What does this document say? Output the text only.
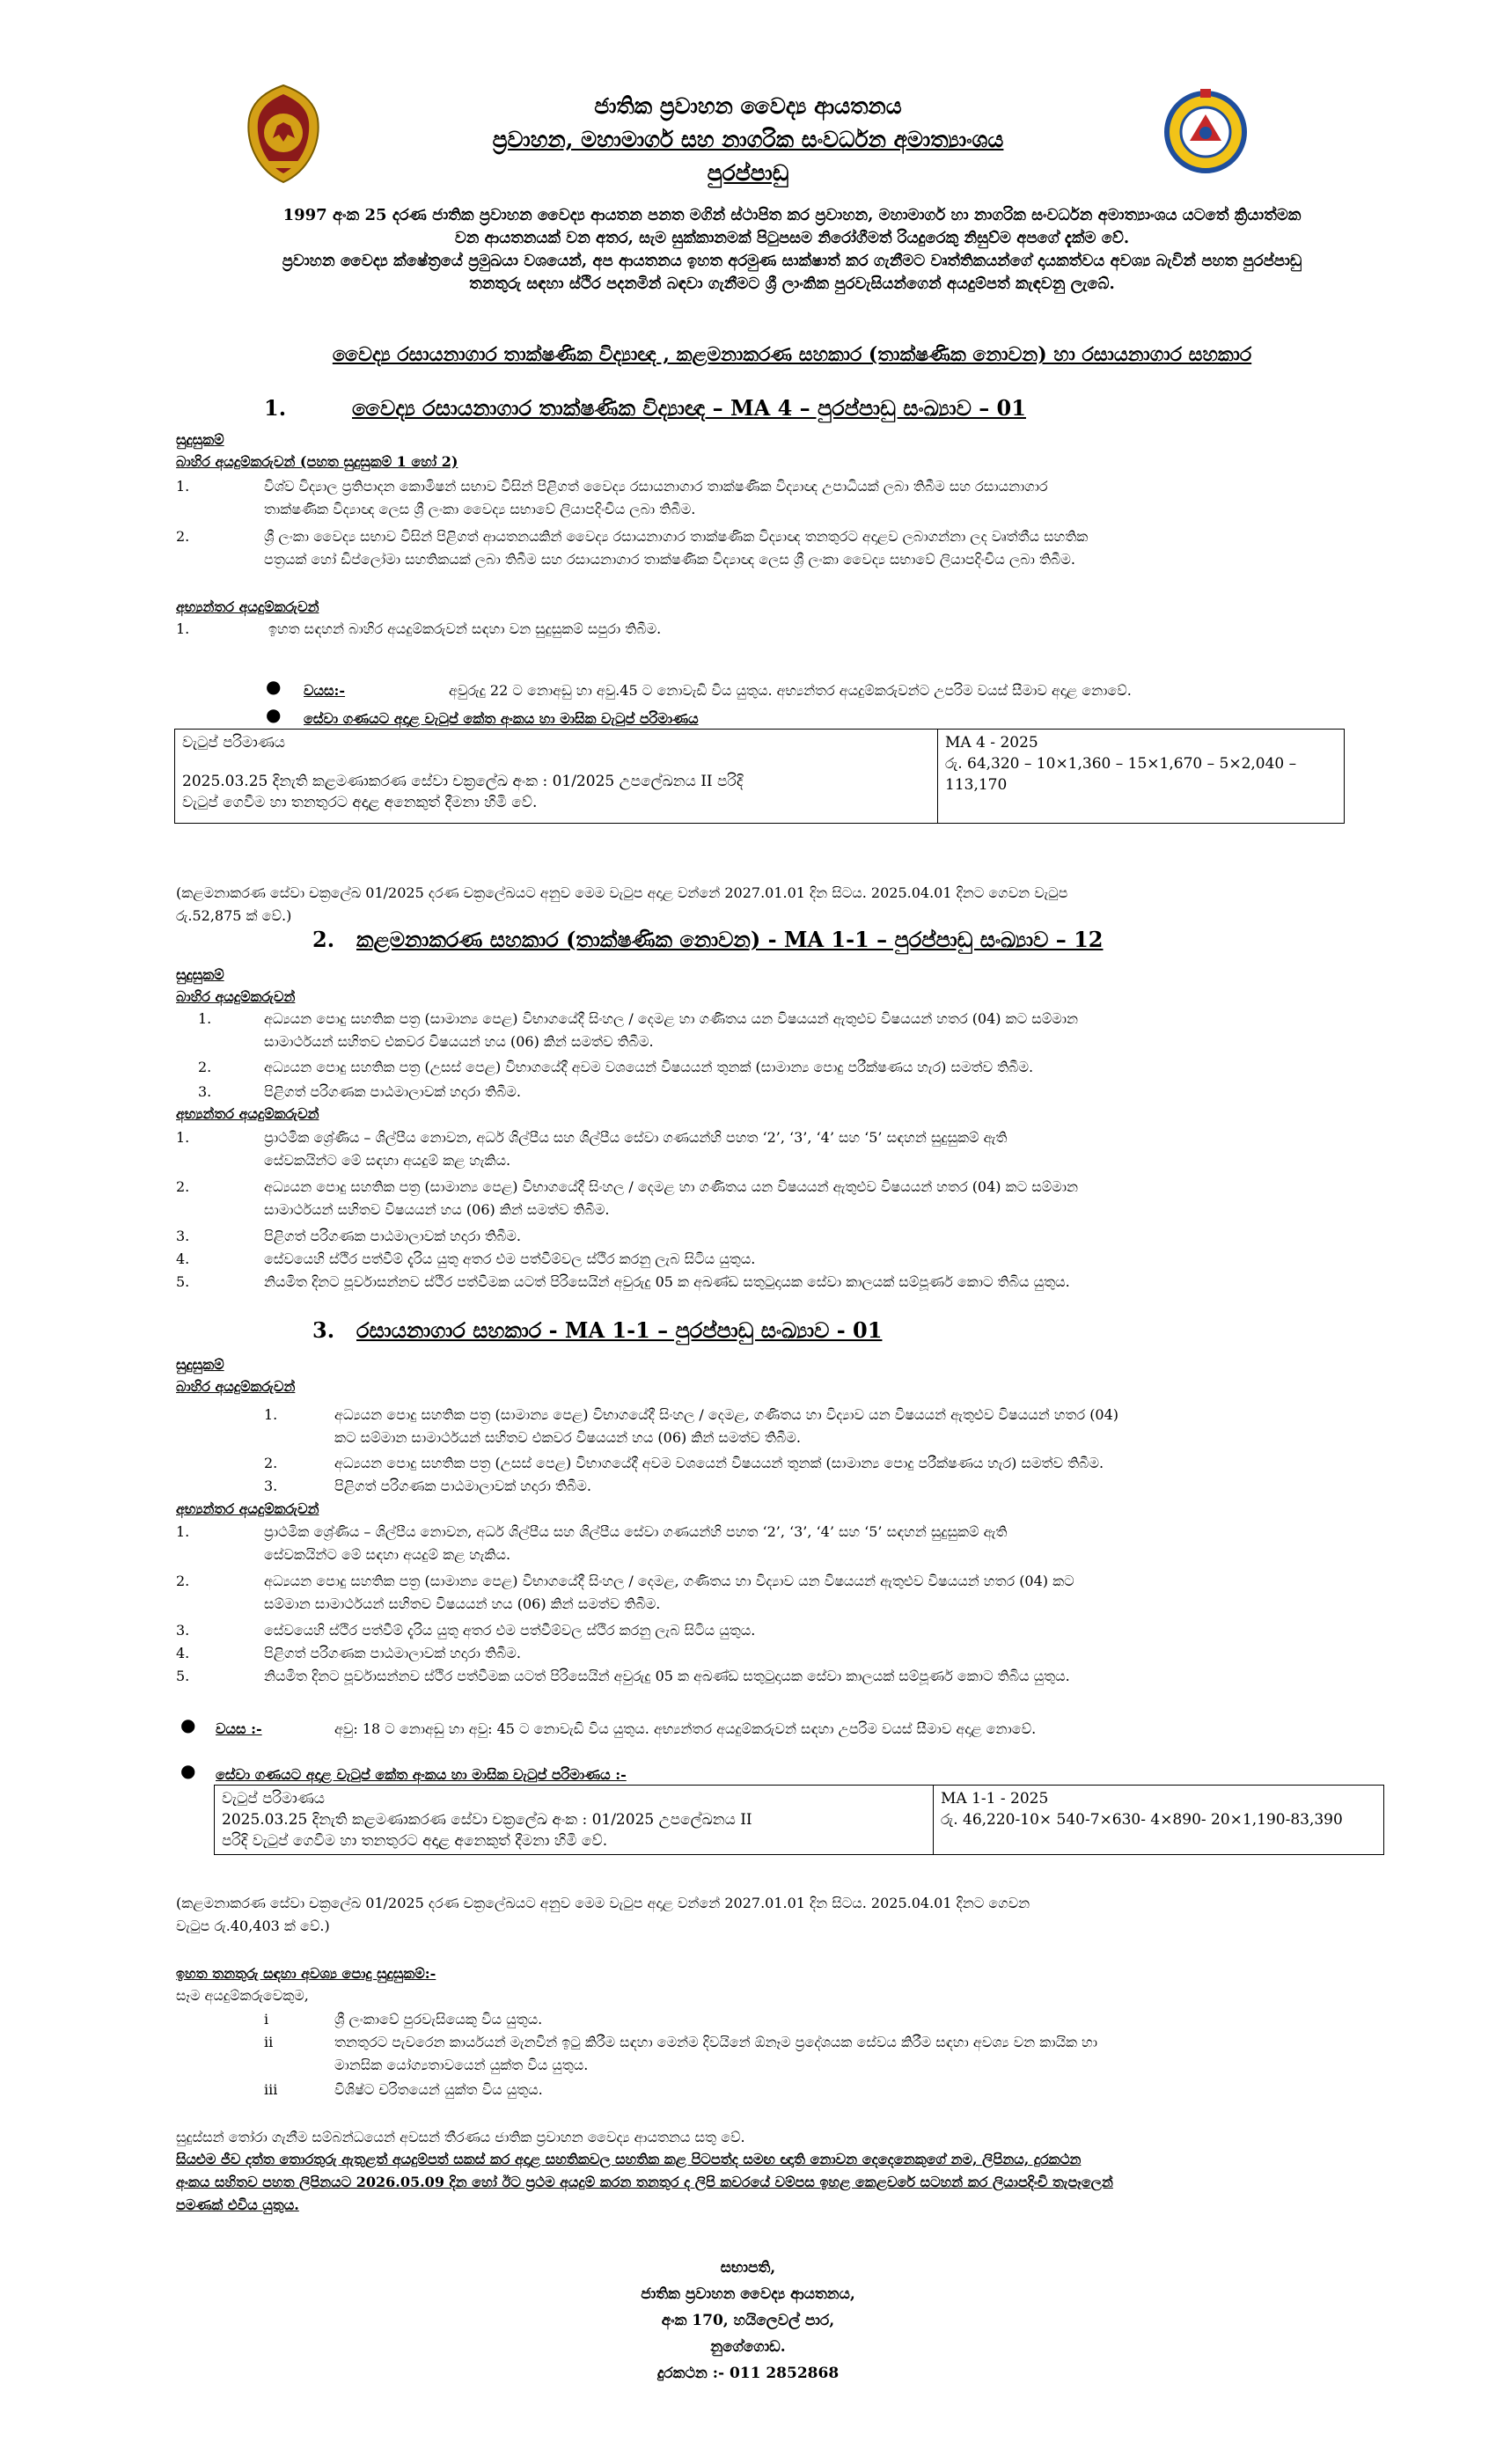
ජාතික ප්‍රවාහන වෛද්‍ය ආයතනය
ප්‍රවාහන, මහාමාර්ග සහ නාගරික සංවර්ධන අමාත්‍යාංශය
පුරප්පාඩු
1997 අංක 25 දරණ ජාතික ප්‍රවාහන වෛද්‍ය ආයතන පනත මගින් ස්ථාපිත කර ප්‍රවාහන, මහාමාර්ග හා නාගරික සංවර්ධන අමාත්‍යාංශය යටතේ ක්‍රියාත්මක
වන ආයතනයක් වන අතර, සැම සුක්කානමක් පිටුපසම නිරෝගීමත් රියදුරෙකු නිසුව්‍ම අපගේ දැක්ම වේ.
ප්‍රවාහන වෛද්‍ය ක්ෂේත්‍රයේ ප්‍රමුඛයා වශයෙන්, අප ආයතනය ඉහත අරමුණ සාක්ෂාත් කර ගැනීමට වෘත්තිකයන්ගේ දායකත්වය අවශ්‍ය බැවින් පහත පුරප්පාඩු
තනතුරු සඳහා ස්ථිර පදනමින් බඳවා ගැනීමට ශ්‍රී ලාංකික පුරවැසියන්ගෙන් අයදුම්පත් කැඳවනු ලැබේ.
වෛද්‍ය රසායනාගාර තාක්ෂණික විද්‍යාඥ , කළමනාකරණ සහකාර (තාක්ෂණික නොවන) හා රසායනාගාර සහකාර
1.	වෛද්‍ය රසායනාගාර තාක්ෂණික විද්‍යාඥ – MA 4 – පුරප්පාඩු සංඛ්‍යාව – 01
සුදුසුකම්
බාහිර අයදුම්කරුවන් (පහත සුදුසුකම් 1 හෝ 2)
1.	විශ්ව විද්‍යාල ප්‍රතිපාදන කොමිෂන් සභාව විසින් පිළිගත් වෛද්‍ය රසායනාගාර තාක්ෂණික විද්‍යාඥ උපාධියක් ලබා තිබීම සහ රසායනාගාර
තාක්ෂණික විද්‍යාඥ ලෙස ශ්‍රී ලංකා වෛද්‍ය සභාවේ ලියාපදිංචිය ලබා තිබීම.
2.	ශ්‍රී ලංකා වෛද්‍ය සභාව විසින් පිළිගත් ආයතනයකින් වෛද්‍ය රසායනාගාර තාක්ෂණික විද්‍යාඥ තනතුරට අදාළව ලබාගන්නා ලද වෘත්තීය සහතික
පත්‍රයක් හෝ ඩිප්ලෝමා සහතිකයක් ලබා තිබීම සහ රසායනාගාර තාක්ෂණික විද්‍යාඥ ලෙස ශ්‍රී ලංකා වෛද්‍ය සභාවේ ලියාපදිංචිය ලබා තිබීම.
අභ්‍යන්තර අයදුම්කරුවන්
1.	ඉහත සඳහන් බාහිර අයදුම්කරුවන් සඳහා වන සුදුසුකම් සපුරා තිබීම.
● වයස:-	අවුරුදු 22 ට නොඅඩු හා අවු.45 ට නොවැඩි විය යුතුය. අභ්‍යන්තර අයදුම්කරුවන්ට උපරිම වයස් සීමාව අදාළ නොවේ.
● සේවා ගණයට අදාළ වැටුප් කේත අංකය හා මාසික වැටුප් පරිමාණය
වැටුප් පරිමාණය
2025.03.25 දිනැති කළමණාකරණ සේවා චක්‍රලේඛ අංක : 01/2025 උපලේඛනය II පරිදි
වැටුප් ගෙවීම හා තනතුරට අදාළ අනෙකුත් දීමනා හිමි වේ.

MA 4 - 2025
රු. 64,320 – 10×1,360 – 15×1,670 – 5×2,040 –
113,170
(කළමනාකරණ සේවා චක්‍රලේඛ 01/2025 දරණ චක්‍රලේඛයට අනුව මෙම වැටුප අදාළ වන්නේ 2027.01.01 දින සිටය. 2025.04.01 දිනට ගෙවන වැටුප
රු.52,875 ක් වේ.)
2. කළමනාකරණ සහකාර (තාක්ෂණික නොවන) - MA 1-1 – පුරප්පාඩු සංඛ්‍යාව – 12
සුදුසුකම්
බාහිර අයදුම්කරුවන්
1.	අධ්‍යයන පොදු සහතික පත්‍ර (සාමාන්‍ය පෙළ) විභාගයේදී සිංහල / දෙමළ හා ගණිතය යන විෂයයන් ඇතුළුව විෂයයන් හතර (04) කට සම්මාන
සාමාර්ථයන් සහිතව එකවර විෂයයන් හය (06) කින් සමත්ව තිබීම.
2.	අධ්‍යයන පොදු සහතික පත්‍ර (උසස් පෙළ) විභාගයේදී අවම වශයෙන් විෂයයන් තුනක් (සාමාන්‍ය පොදු පරීක්ෂණය හැර) සමත්ව තිබීම.
3.	පිළිගත් පරිගණක පාඨමාලාවක් හදාරා තිබීම.
අභ්‍යන්තර අයදුම්කරුවන්
1.	ප්‍රාථමික ශ්‍රේණිය – ශිල්පීය නොවන, අර්ධ ශිල්පීය සහ ශිල්පීය සේවා ගණයන්හි පහත ‘2’, ‘3’, ‘4’ සහ ‘5’ සඳහන් සුදුසුකම් ඇති
සේවකයින්ට මේ සඳහා අයදුම් කළ හැකිය.
2.	අධ්‍යයන පොදු සහතික පත්‍ර (සාමාන්‍ය පෙළ) විභාගයේදී සිංහල / දෙමළ හා ගණිතය යන විෂයයන් ඇතුළුව විෂයයන් හතර (04) කට සම්මාන
සාමාර්ථයන් සහිතව විෂයයන් හය (06) කින් සමත්ව තිබීම.
3.	පිළිගත් පරිගණක පාඨමාලාවක් හදාරා තිබීම.
4.	සේවයෙහි ස්ථිර පත්වීම් දැරිය යුතු අතර එම පත්වීම්වල ස්ථිර කරනු ලැබ සිටිය යුතුය.
5.	නියමිත දිනට පූර්වාසන්නව ස්ථිර පත්වීමක යටත් පිරිසෙයින් අවුරුදු 05 ක අඛණ්ඩ සතුටුදායක සේවා කාලයක් සම්පූර්ණ කොට තිබිය යුතුය.
3. රසායනාගාර සහකාර - MA 1-1 – පුරප්පාඩු සංඛ්‍යාව - 01
සුදුසුකම්
බාහිර අයදුම්කරුවන්
1.	අධ්‍යයන පොදු සහතික පත්‍ර (සාමාන්‍ය පෙළ) විභාගයේදී සිංහල / දෙමළ, ගණිතය හා විද්‍යාව යන විෂයයන් ඇතුළුව විෂයයන් හතර (04)
කට සම්මාන සාමාර්ථයන් සහිතව එකවර විෂයයන් හය (06) කින් සමත්ව තිබීම.
2.	අධ්‍යයන පොදු සහතික පත්‍ර (උසස් පෙළ) විභාගයේදී අවම වශයෙන් විෂයයන් තුනක් (සාමාන්‍ය පොදු පරීක්ෂණය හැර) සමත්ව තිබීම.
3.	පිළිගත් පරිගණක පාඨමාලාවක් හදාරා තිබීම.
අභ්‍යන්තර අයදුම්කරුවන්
1.	ප්‍රාථමික ශ්‍රේණිය – ශිල්පීය නොවන, අර්ධ ශිල්පීය සහ ශිල්පීය සේවා ගණයන්හි පහත ‘2’, ‘3’, ‘4’ සහ ‘5’ සඳහන් සුදුසුකම් ඇති
සේවකයින්ට මේ සඳහා අයදුම් කළ හැකිය.
2.	අධ්‍යයන පොදු සහතික පත්‍ර (සාමාන්‍ය පෙළ) විභාගයේදී සිංහල / දෙමළ, ගණිතය හා විද්‍යාව යන විෂයයන් ඇතුළුව විෂයයන් හතර (04) කට
සම්මාන සාමාර්ථයන් සහිතව විෂයයන් හය (06) කින් සමත්ව තිබීම.
3.	සේවයෙහි ස්ථිර පත්වීම් දැරිය යුතු අතර එම පත්වීම්වල ස්ථිර කරනු ලැබ සිටිය යුතුය.
4.	පිළිගත් පරිගණක පාඨමාලාවක් හදාරා තිබීම.
5.	නියමිත දිනට පූර්වාසන්නව ස්ථිර පත්වීමක යටත් පිරිසෙයින් අවුරුදු 05 ක අඛණ්ඩ සතුටුදායක සේවා කාලයක් සම්පූර්ණ කොට තිබිය යුතුය.
● වයස :-	අවු: 18 ට නොඅඩු හා අවු: 45 ට නොවැඩි විය යුතුය. අභ්‍යන්තර අයදුම්කරුවන් සඳහා උපරිම වයස් සීමාව අදාළ නොවේ.
● සේවා ගණයට අදාළ වැටුප් කේත අංකය හා මාසික වැටුප් පරිමාණය :-
වැටුප් පරිමාණය
2025.03.25 දිනැති කළමණාකරණ සේවා චක්‍රලේඛ අංක : 01/2025 උපලේඛනය II
පරිදි වැටුප් ගෙවීම හා තනතුරට අදාළ අනෙකුත් දීමනා හිමි වේ.

MA 1-1 - 2025
රු. 46,220-10× 540-7×630- 4×890- 20×1,190-83,390
(කළමනාකරණ සේවා චක්‍රලේඛ 01/2025 දරණ චක්‍රලේඛයට අනුව මෙම වැටුප අදාළ වන්නේ 2027.01.01 දින සිටය. 2025.04.01 දිනට ගෙවන
වැටුප රු.40,403 ක් වේ.)
ඉහත තනතුරු සඳහා අවශ්‍ය පොදු සුදුසුකම්:-
සෑම අයදුම්කරුවෙකුම,
i	ශ්‍රී ලංකාවේ පුරවැසියෙකු විය යුතුය.
ii	තනතුරට පැවරෙන කාර්යයන් මැනවින් ඉටු කිරීම සඳහා මෙන්ම දිවයිනේ ඕනෑම ප්‍රදේශයක සේවය කිරීම සඳහා අවශ්‍ය වන කායික හා
මානසික යෝග්‍යතාවයෙන් යුක්ත විය යුතුය.
iii	විශිෂ්ට චරිතයෙන් යුක්ත විය යුතුය.
සුදුස්සන් තෝරා ගැනීම සම්බන්ධයෙන් අවසන් තීරණය ජාතික ප්‍රවාහන වෛද්‍ය ආයතනය සතු වේ.
සියළුම ජීව දත්ත තොරතුරු ඇතුළත් අයදුම්පත් සකස් කර අදාළ සහතිකවල සහතික කළ පිටපත්ද සමඟ ඥාති නොවන දෙදෙනෙකුගේ නම, ලිපිනය, දුරකථන
අංකය සහිතව පහත ලිපිනයට 2026.05.09 දින හෝ ඊට ප්‍රථම අයදුම් කරන තනතුර ද ලිපි කවරයේ වම්පස ඉහළ කෙළවරේ සටහන් කර ලියාපදිංචි තැපෑලෙන්
පමණක් එවිය යුතුය.
සභාපති,
ජාතික ප්‍රවාහන වෛද්‍ය ආයතනය,
අංක 170, හයිලෙවල් පාර,
නුගේගොඩ.
දුරකථන :- 011 2852868
